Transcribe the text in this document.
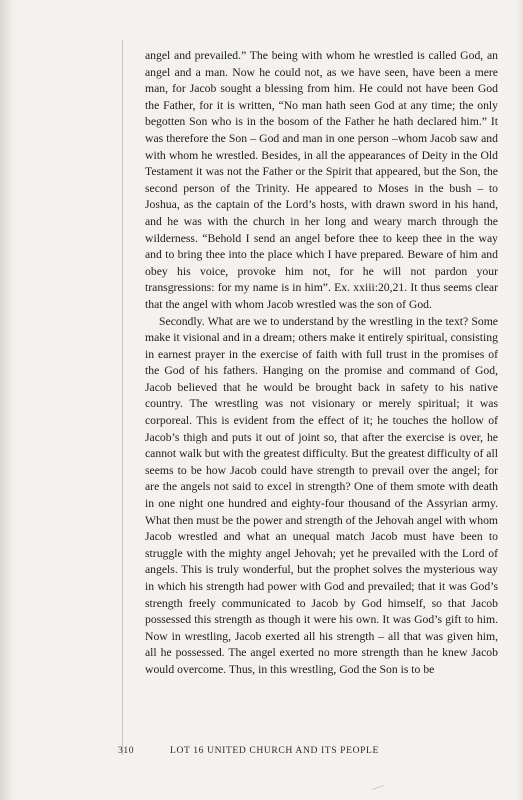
angel and prevailed.” The being with whom he wrestled is called God, an angel and a man. Now he could not, as we have seen, have been a mere man, for Jacob sought a blessing from him. He could not have been God the Father, for it is written, “No man hath seen God at any time; the only begotten Son who is in the bosom of the Father he hath declared him.” It was therefore the Son – God and man in one person –whom Jacob saw and with whom he wrestled. Besides, in all the appearances of Deity in the Old Testament it was not the Father or the Spirit that appeared, but the Son, the second person of the Trinity. He appeared to Moses in the bush – to Joshua, as the captain of the Lord’s hosts, with drawn sword in his hand, and he was with the church in her long and weary march through the wilderness. “Behold I send an angel before thee to keep thee in the way and to bring thee into the place which I have prepared. Beware of him and obey his voice, provoke him not, for he will not pardon your transgressions: for my name is in him”. Ex. xxiii:20,21. It thus seems clear that the angel with whom Jacob wrestled was the son of God.

Secondly. What are we to understand by the wrestling in the text? Some make it visional and in a dream; others make it entirely spiritual, consisting in earnest prayer in the exercise of faith with full trust in the promises of the God of his fathers. Hanging on the promise and command of God, Jacob believed that he would be brought back in safety to his native country. The wrestling was not visionary or merely spiritual; it was corporeal. This is evident from the effect of it; he touches the hollow of Jacob’s thigh and puts it out of joint so, that after the exercise is over, he cannot walk but with the greatest difficulty. But the greatest difficulty of all seems to be how Jacob could have strength to prevail over the angel; for are the angels not said to excel in strength? One of them smote with death in one night one hundred and eighty-four thousand of the Assyrian army. What then must be the power and strength of the Jehovah angel with whom Jacob wrestled and what an unequal match Jacob must have been to struggle with the mighty angel Jehovah; yet he prevailed with the Lord of angels. This is truly wonderful, but the prophet solves the mysterious way in which his strength had power with God and prevailed; that it was God’s strength freely communicated to Jacob by God himself, so that Jacob possessed this strength as though it were his own. It was God’s gift to him. Now in wrestling, Jacob exerted all his strength – all that was given him, all he possessed. The angel exerted no more strength than he knew Jacob would overcome. Thus, in this wrestling, God the Son is to be

310	LOT 16 UNITED CHURCH AND ITS PEOPLE
